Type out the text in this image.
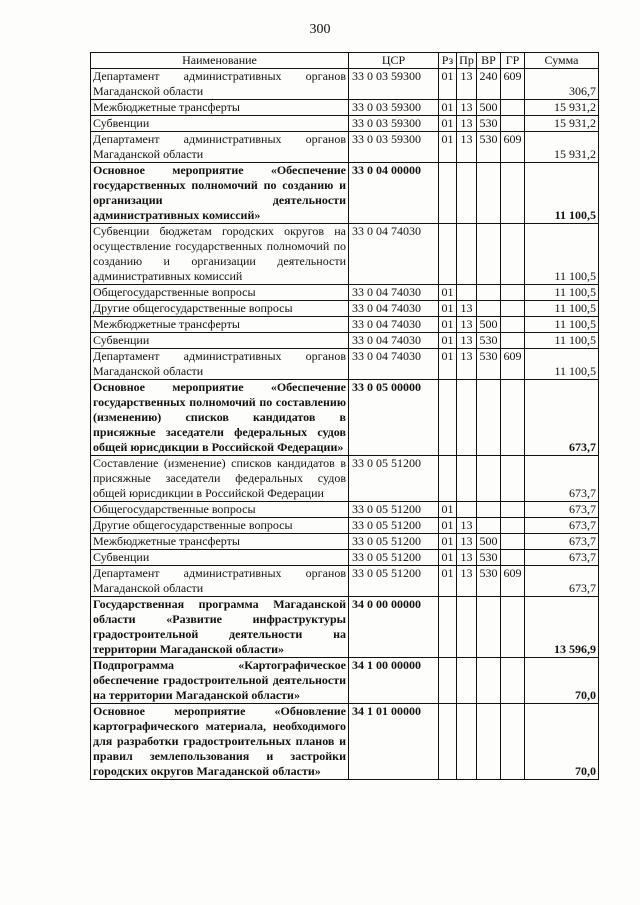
300
Наименование	ЦСР	Рз	Пр	ВР	ГР	Сумма
Департамент административных органов Магаданской области	33 0 03 59300	01	13	240	609	306,7
Межбюджетные трансферты	33 0 03 59300	01	13	500		15 931,2
Субвенции	33 0 03 59300	01	13	530		15 931,2
Департамент административных органов Магаданской области	33 0 03 59300	01	13	530	609	15 931,2
Основное мероприятие «Обеспечение государственных полномочий по созданию и организации деятельности административных комиссий»	33 0 04 00000					11 100,5
Субвенции бюджетам городских округов на осуществление государственных полномочий по созданию и организации деятельности административных комиссий	33 0 04 74030					11 100,5
Общегосударственные вопросы	33 0 04 74030	01				11 100,5
Другие общегосударственные вопросы	33 0 04 74030	01	13			11 100,5
Межбюджетные трансферты	33 0 04 74030	01	13	500		11 100,5
Субвенции	33 0 04 74030	01	13	530		11 100,5
Департамент административных органов Магаданской области	33 0 04 74030	01	13	530	609	11 100,5
Основное мероприятие «Обеспечение государственных полномочий по составлению (изменению) списков кандидатов в присяжные заседатели федеральных судов общей юрисдикции в Российской Федерации»	33 0 05 00000					673,7
Составление (изменение) списков кандидатов в присяжные заседатели федеральных судов общей юрисдикции в Российской Федерации	33 0 05 51200					673,7
Общегосударственные вопросы	33 0 05 51200	01				673,7
Другие общегосударственные вопросы	33 0 05 51200	01	13			673,7
Межбюджетные трансферты	33 0 05 51200	01	13	500		673,7
Субвенции	33 0 05 51200	01	13	530		673,7
Департамент административных органов Магаданской области	33 0 05 51200	01	13	530	609	673,7
Государственная программа Магаданской области «Развитие инфраструктуры градостроительной деятельности на территории Магаданской области»	34 0 00 00000					13 596,9
Подпрограмма «Картографическое обеспечение градостроительной деятельности на территории Магаданской области»	34 1 00 00000					70,0
Основное мероприятие «Обновление картографического материала, необходимого для разработки градостроительных планов и правил землепользования и застройки городских округов Магаданской области»	34 1 01 00000					70,0
